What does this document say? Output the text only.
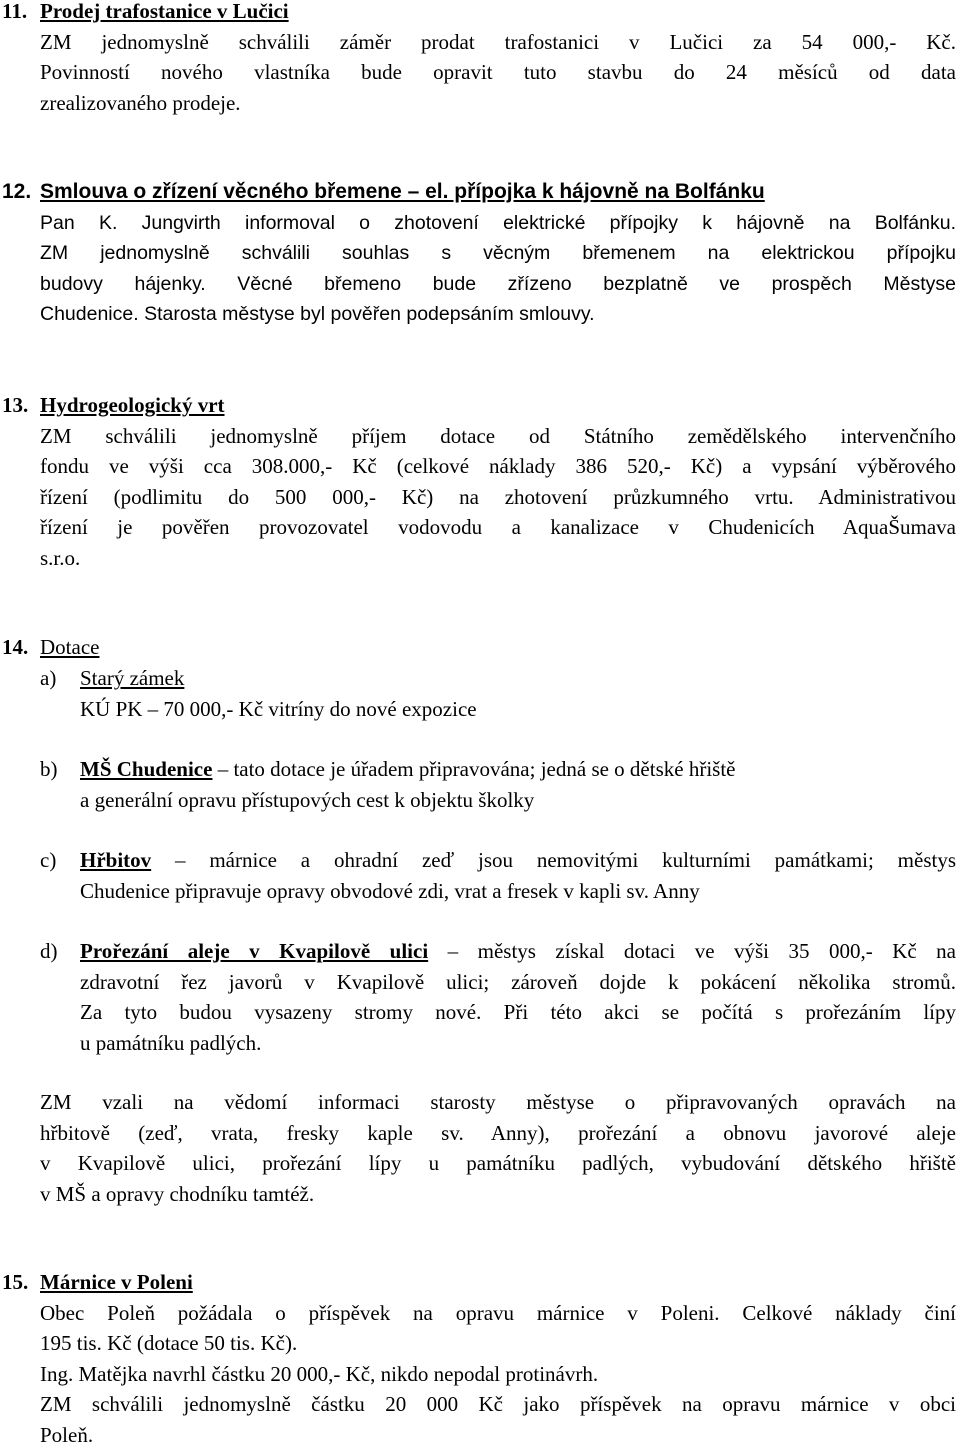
11. Prodej trafostanice v Lučici
ZM jednomyslně schválili záměr prodat trafostanici v Lučici za 54 000,- Kč.
Povinností nového vlastníka bude opravit tuto stavbu do 24 měsíců od data
zrealizovaného prodeje.
12. Smlouva o zřízení věcného břemene – el. přípojka k hájovně na Bolfánku
Pan K. Jungvirth informoval o zhotovení elektrické přípojky k hájovně na Bolfánku.
ZM jednomyslně schválili souhlas s věcným břemenem na elektrickou přípojku
budovy hájenky. Věcné břemeno bude zřízeno bezplatně ve prospěch Městyse
Chudenice. Starosta městyse byl pověřen podepsáním smlouvy.
13. Hydrogeologický vrt
ZM schválili jednomyslně příjem dotace od Státního zemědělského intervenčního
fondu ve výši cca 308.000,- Kč (celkové náklady 386 520,- Kč) a vypsání výběrového
řízení (podlimitu do 500 000,- Kč) na zhotovení průzkumného vrtu. Administrativou
řízení je pověřen provozovatel vodovodu a kanalizace v Chudenicích AquaŠumava
s.r.o.
14. Dotace
a) Starý zámek
KÚ PK – 70 000,- Kč vitríny do nové expozice
b) MŠ Chudenice – tato dotace je úřadem připravována; jedná se o dětské hřiště
a generální opravu přístupových cest k objektu školky
c) Hřbitov – márnice a ohradní zeď jsou nemovitými kulturními památkami; městys
Chudenice připravuje opravy obvodové zdi, vrat a fresek v kapli sv. Anny
d) Prořezání aleje v Kvapilově ulici – městys získal dotaci ve výši 35 000,- Kč na
zdravotní řez javorů v Kvapilově ulici; zároveň dojde k pokácení několika stromů.
Za tyto budou vysazeny stromy nové. Při této akci se počítá s prořezáním lípy
u památníku padlých.
ZM vzali na vědomí informaci starosty městyse o připravovaných opravách na
hřbitově (zeď, vrata, fresky kaple sv. Anny), prořezání a obnovu javorové aleje
v Kvapilově ulici, prořezání lípy u památníku padlých, vybudování dětského hřiště
v MŠ a opravy chodníku tamtéž.
15. Márnice v Poleni
Obec Poleň požádala o příspěvek na opravu márnice v Poleni. Celkové náklady činí
195 tis. Kč (dotace 50 tis. Kč).
Ing. Matějka navrhl částku 20 000,- Kč, nikdo nepodal protinávrh.
ZM schválili jednomyslně částku 20 000 Kč jako příspěvek na opravu márnice v obci
Poleň.
